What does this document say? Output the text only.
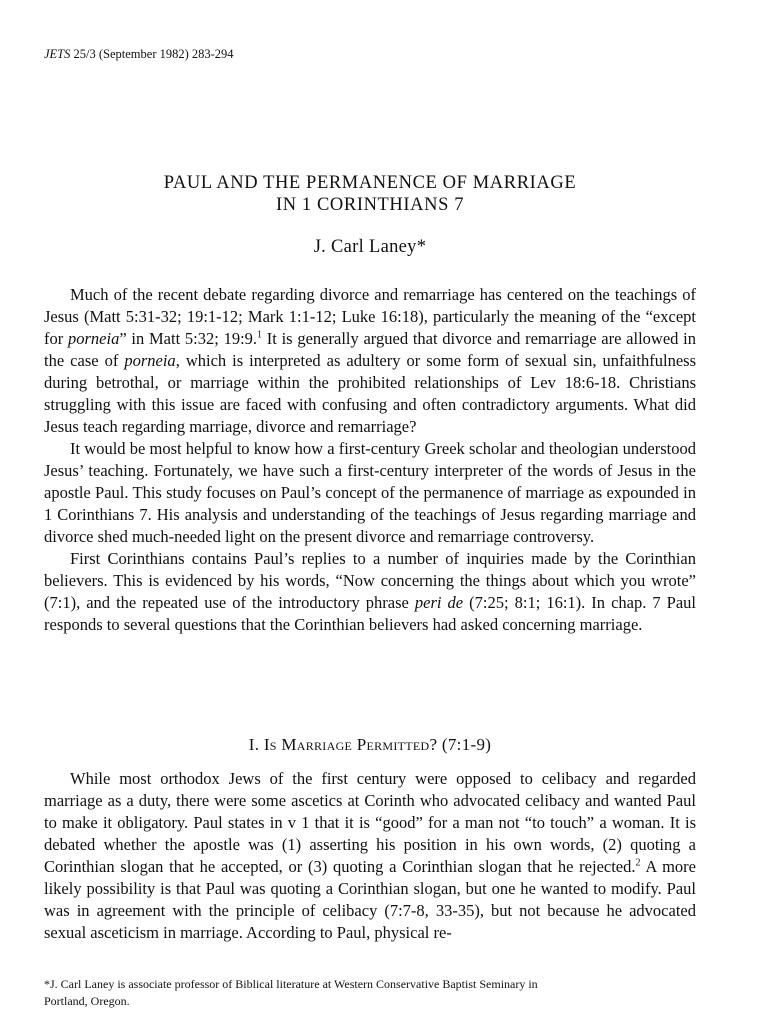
JETS 25/3 (September 1982) 283-294
PAUL AND THE PERMANENCE OF MARRIAGE
IN 1 CORINTHIANS 7
J. Carl Laney*

Much of the recent debate regarding divorce and remarriage has centered on the teachings of Jesus (Matt 5:31-32; 19:1-12; Mark 1:1-12; Luke 16:18), particularly the meaning of the “except for porneia” in Matt 5:32; 19:9.$^1$ It is generally argued that divorce and remarriage are allowed in the case of porneia, which is interpreted as adultery or some form of sexual sin, unfaithfulness during betrothal, or marriage within the prohibited relationships of Lev 18:6-18. Christians struggling with this issue are faced with confusing and often contradictory arguments. What did Jesus teach regarding marriage, divorce and remarriage?

It would be most helpful to know how a first-century Greek scholar and theologian understood Jesus’ teaching. Fortunately, we have such a first-century interpreter of the words of Jesus in the apostle Paul. This study focuses on Paul’s concept of the permanence of marriage as expounded in 1 Corinthians 7. His analysis and understanding of the teachings of Jesus regarding marriage and divorce shed much-needed light on the present divorce and remarriage controversy.

First Corinthians contains Paul’s replies to a number of inquiries made by the Corinthian believers. This is evidenced by his words, “Now concerning the things about which you wrote” (7:1), and the repeated use of the introductory phrase peri de (7:25; 8:1; 16:1). In chap. 7 Paul responds to several questions that the Corinthian believers had asked concerning marriage.

I. Is Marriage Permitted? (7:1-9)

While most orthodox Jews of the first century were opposed to celibacy and regarded marriage as a duty, there were some ascetics at Corinth who advocated celibacy and wanted Paul to make it obligatory. Paul states in v 1 that it is “good” for a man not “to touch” a woman. It is debated whether the apostle was (1) asserting his position in his own words, (2) quoting a Corinthian slogan that he accepted, or (3) quoting a Corinthian slogan that he rejected.$^2$ A more likely possibility is that Paul was quoting a Corinthian slogan, but one he wanted to modify. Paul was in agreement with the principle of celibacy (7:7-8, 33-35), but not because he advocated sexual asceticism in marriage. According to Paul, physical re-

*J. Carl Laney is associate professor of Biblical literature at Western Conservative Baptist Seminary in

Portland, Oregon.
